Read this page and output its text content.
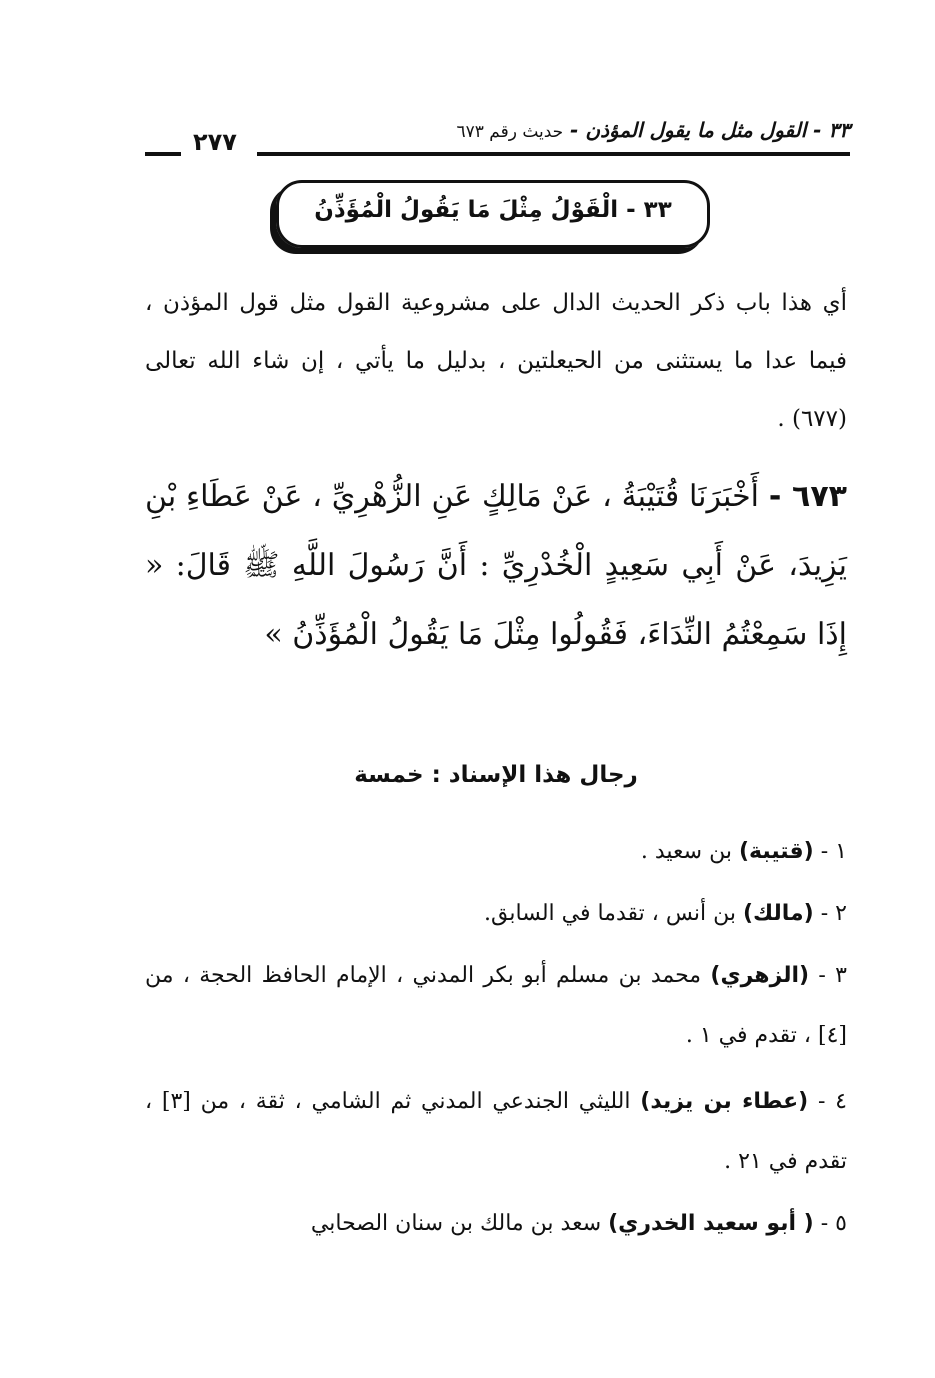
٣٣ - القول مثل ما يقول المؤذن - حديث رقم ٦٧٣
٢٧٧
٣٣ - الْقَوْلُ مِثْلَ مَا يَقُولُ الْمُؤَذِّنُ
أي هذا باب ذكر الحديث الدال على مشروعية القول مثل قول المؤذن ، فيما عدا ما يستثنى من الحيعلتين ، بدليل ما يأتي ، إن شاء الله تعالى (٦٧٧) .
٦٧٣ - أَخْبَرَنَا قُتَيْبَةُ ، عَنْ مَالِكٍ عَنِ الزُّهْرِيِّ ، عَنْ عَطَاءِ بْنِ يَزِيدَ، عَنْ أَبِي سَعِيدٍ الْخُدْرِيِّ : أَنَّ رَسُولَ اللَّهِ ﷺ قَالَ: « إِذَا سَمِعْتُمُ النِّدَاءَ، فَقُولُوا مِثْلَ مَا يَقُولُ الْمُؤَذِّنُ »
رجال هذا الإسناد : خمسة
١ - (قتيبة) بن سعيد .
٢ - (مالك) بن أنس ، تقدما في السابق.
٣ - (الزهري) محمد بن مسلم أبو بكر المدني ، الإمام الحافظ الحجة ، من [٤] ، تقدم في ١ .
٤ - (عطاء بن يزيد) الليثي الجندعي المدني ثم الشامي ، ثقة ، من [٣] ، تقدم في ٢١ .
٥ - ( أبو سعيد الخدري) سعد بن مالك بن سنان الصحابي
